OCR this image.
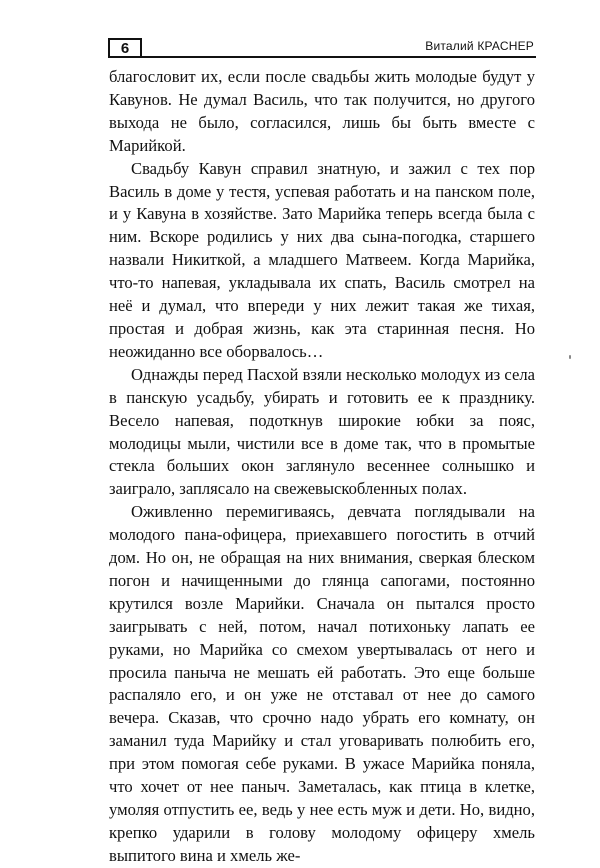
6	Виталий КРАСНЕР

благословит их, если после свадьбы жить молодые будут у Кавунов. Не думал Василь, что так получится, но другого выхода не было, согласился, лишь бы быть вместе с Марийкой.

Свадьбу Кавун справил знатную, и зажил с тех пор Василь в доме у тестя, успевая работать и на панском поле, и у Кавуна в хозяйстве. Зато Марийка теперь всегда была с ним. Вскоре родились у них два сына-погодка, старшего назвали Никиткой, а младшего Матвеем. Когда Марийка, что-то напевая, укладывала их спать, Василь смотрел на неё и думал, что впереди у них лежит такая же тихая, простая и добрая жизнь, как эта старинная песня. Но неожиданно все оборвалось…

Однажды перед Пасхой взяли несколько молодух из села в панскую усадьбу, убирать и готовить ее к празднику. Весело напевая, подоткнув широкие юбки за пояс, молодицы мыли, чистили все в доме так, что в промытые стекла больших окон заглянуло весеннее солнышко и заиграло, заплясало на свежевыскобленных полах.

Оживленно перемигиваясь, девчата поглядывали на молодого пана-офицера, приехавшего погостить в отчий дом. Но он, не обращая на них внимания, сверкая блеском погон и начищенными до глянца сапогами, постоянно крутился возле Марийки. Сначала он пытался просто заигрывать с ней, потом, начал потихоньку лапать ее руками, но Марийка со смехом увертывалась от него и просила паныча не мешать ей работать. Это еще больше распаляло его, и он уже не отставал от нее до самого вечера. Сказав, что срочно надо убрать его комнату, он заманил туда Марийку и стал уговаривать полюбить его, при этом помогая себе руками. В ужасе Марийка поняла, что хочет от нее паныч. Заметалась, как птица в клетке, умоляя отпустить ее, ведь у нее есть муж и дети. Но, видно, крепко ударили в голову молодому офицеру хмель выпитого вина и хмель же-
